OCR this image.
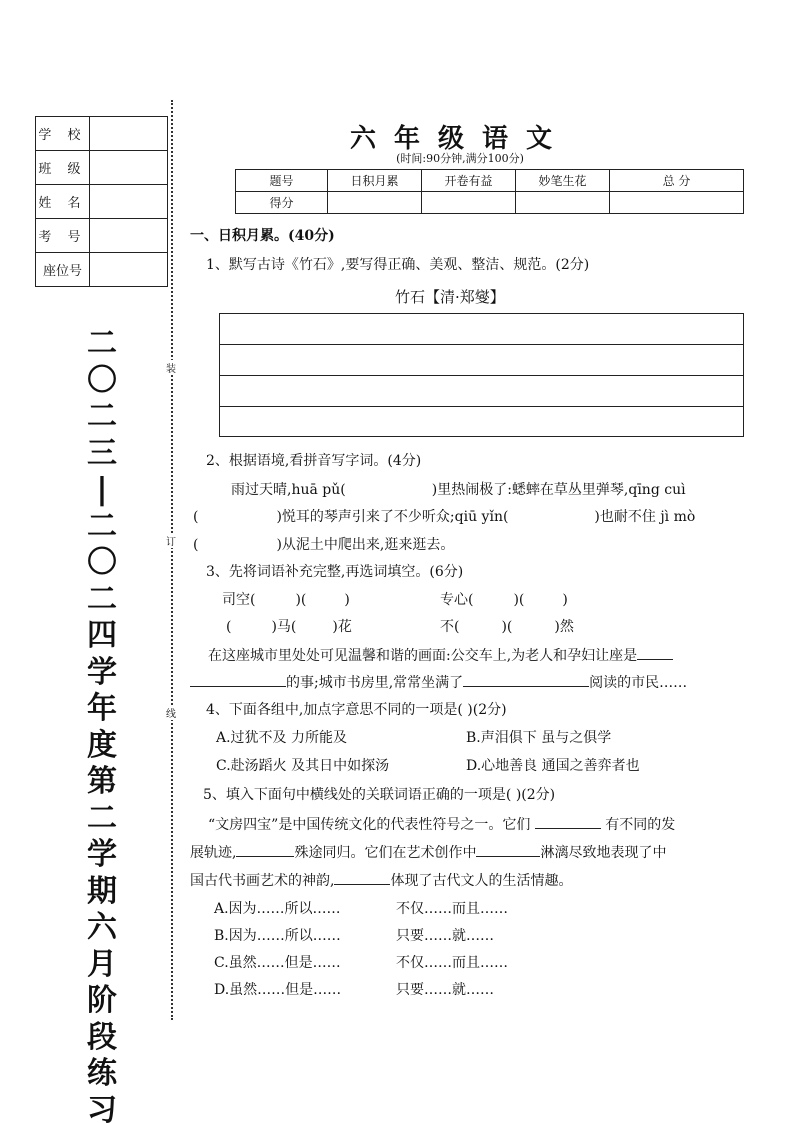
学 校	
班 级	
姓 名	
考 号	
座位号	
二
〇
二
三
|
二
〇
二
四
学
年
度
第
二
学
期
六
月
阶
段
练
习
装
订
线
六年级语文
(时间:90分钟,满分100分)
题号	日积月累	开卷有益	妙笔生花	总 分
得分				
一、日积月累。(40分)
1、默写古诗《竹石》,要写得正确、美观、整洁、规范。(2分)
竹石【清·郑燮】
2、根据语境,看拼音写字词。(4分)
雨过天晴,huā pǔ(	)里热闹极了:蟋蟀在草丛里弹琴,qīng cuì
(	)悦耳的琴声引来了不少听众;qiū yǐn(	)也耐不住 jì mò
(	)从泥土中爬出来,逛来逛去。
3、先将词语补充完整,再选词填空。(6分)
司空(	)(	)	专心(	)(	)
(	)马(	)花	不(	)(	)然
在这座城市里处处可见温馨和谐的画面:公交车上,为老人和孕妇让座是
的事;城市书房里,常常坐满了	阅读的市民……
4、下面各组中,加点字意思不同的一项是( )(2分)
A.过犹不及 力所能及	B.声泪俱下 虽与之俱学
C.赴汤蹈火 及其日中如探汤	D.心地善良 通国之善弈者也
5、填入下面句中横线处的关联词语正确的一项是( )(2分)
“文房四宝”是中国传统文化的代表性符号之一。它们	有不同的发
展轨迹,	殊途同归。它们在艺术创作中	淋漓尽致地表现了中
国古代书画艺术的神韵,	体现了古代文人的生活情趣。
A.因为……所以……	不仅……而且……
B.因为……所以……	只要……就……
C.虽然……但是……	不仅……而且……
D.虽然……但是……	只要……就……
